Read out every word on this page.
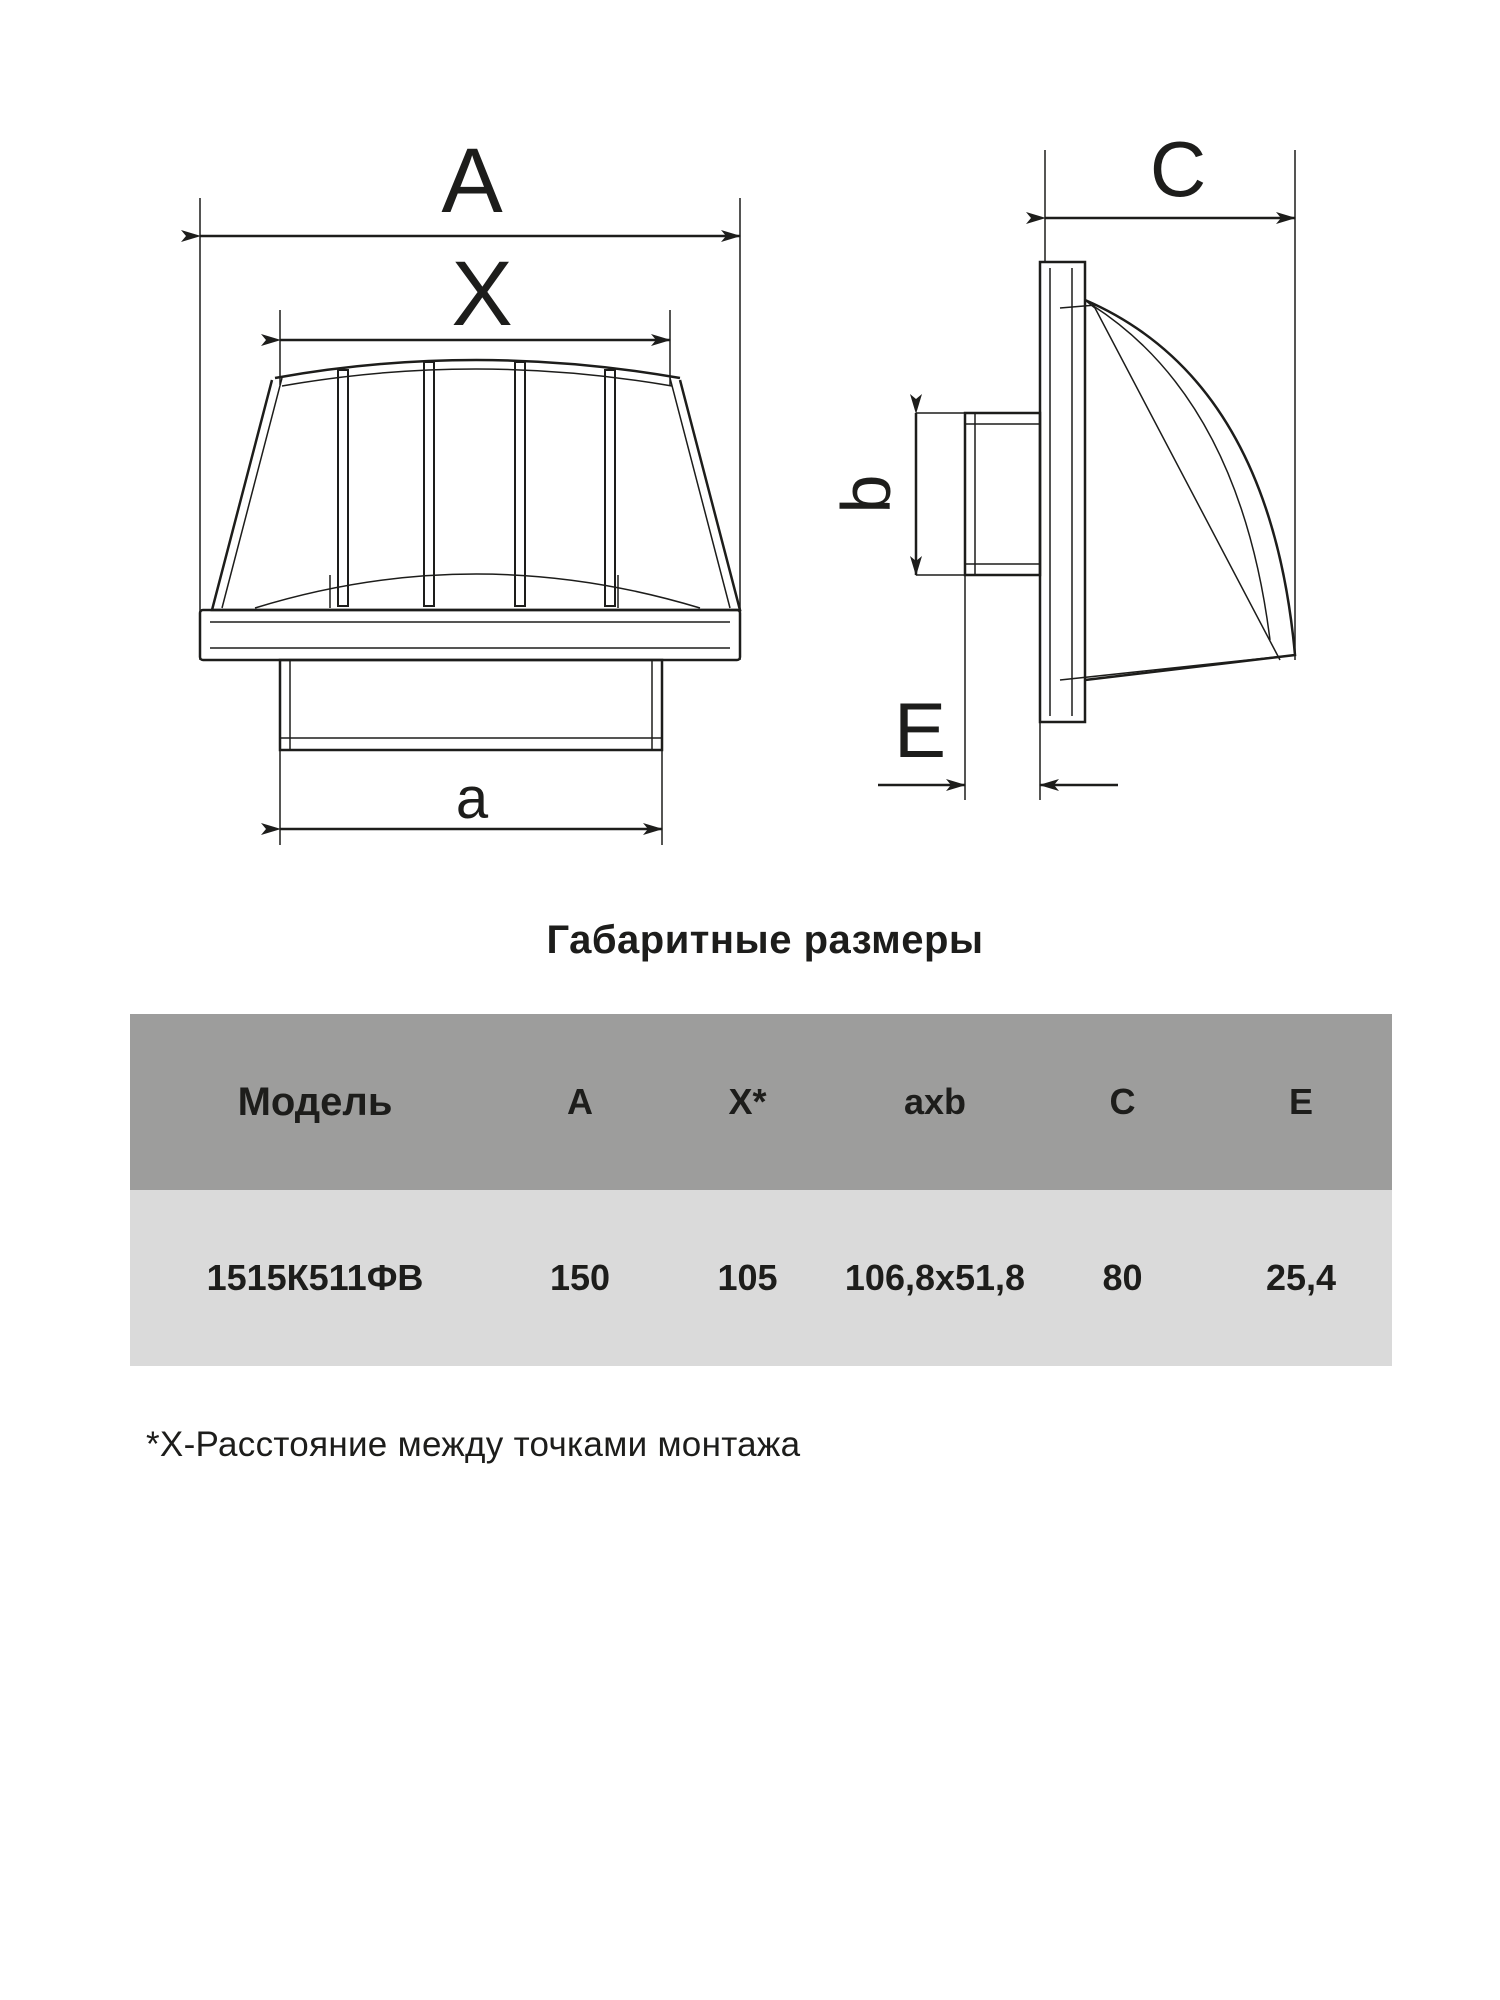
A
X
a
C
b
E
Габаритные размеры
Модель	A	X*	axb	C	E
1515К511ФВ	150	105	106,8x51,8	80	25,4
*X-Расстояние между точками монтажа
